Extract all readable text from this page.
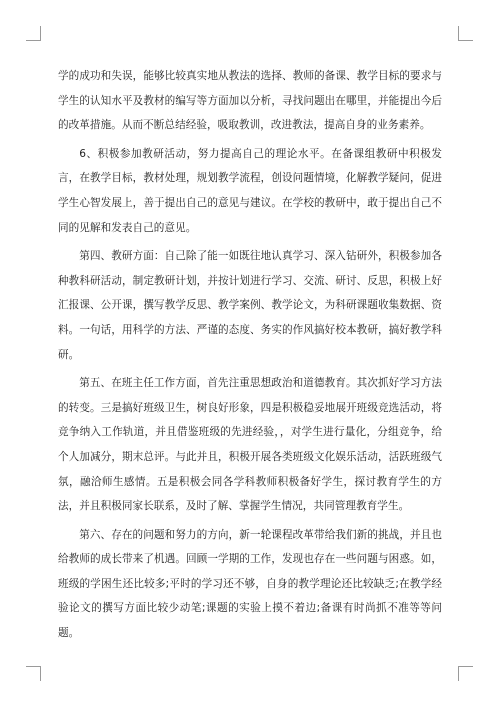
学的成功和失误，能够比较真实地从教法的选择、教师的备课、教学目标的要求与学生的认知水平及教材的编写等方面加以分析，寻找问题出在哪里，并能提出今后的改革措施。从而不断总结经验，吸取教训，改进教法，提高自身的业务素养。

6、积极参加教研活动，努力提高自己的理论水平。在备课组教研中积极发言，在教学目标，教材处理，规划教学流程，创设问题情境，化解教学疑问，促进学生心智发展上，善于提出自己的意见与建议。在学校的教研中，敢于提出自己不同的见解和发表自己的意见。

第四、教研方面：自己除了能一如既往地认真学习、深入钻研外，积极参加各种教科研活动，制定教研计划，并按计划进行学习、交流、研讨、反思，积极上好汇报课、公开课，撰写教学反思、教学案例、教学论文，为科研课题收集数据、资料。一句话，用科学的方法、严谨的态度、务实的作风搞好校本教研，搞好教学科研。

第五、在班主任工作方面，首先注重思想政治和道德教育。其次抓好学习方法的转变。三是搞好班级卫生，树良好形象，四是积极稳妥地展开班级竞选活动，将竞争纳入工作轨道，并且借鉴班级的先进经验，，对学生进行量化，分组竞争，给个人加减分，期末总评。与此并且，积极开展各类班级文化娱乐活动，活跃班级气氛，融洽师生感情。五是积极会同各学科教师积极备好学生，探讨教育学生的方法，并且积极同家长联系，及时了解、掌握学生情况，共同管理教育学生。

第六、存在的问题和努力的方向，新一轮课程改革带给我们新的挑战，并且也给教师的成长带来了机遇。回顾一学期的工作，发现也存在一些问题与困惑。如，班级的学困生还比较多;平时的学习还不够，自身的教学理论还比较缺乏;在教学经验论文的撰写方面比较少动笔;课题的实验上摸不着边;备课有时尚抓不准等等问题。
